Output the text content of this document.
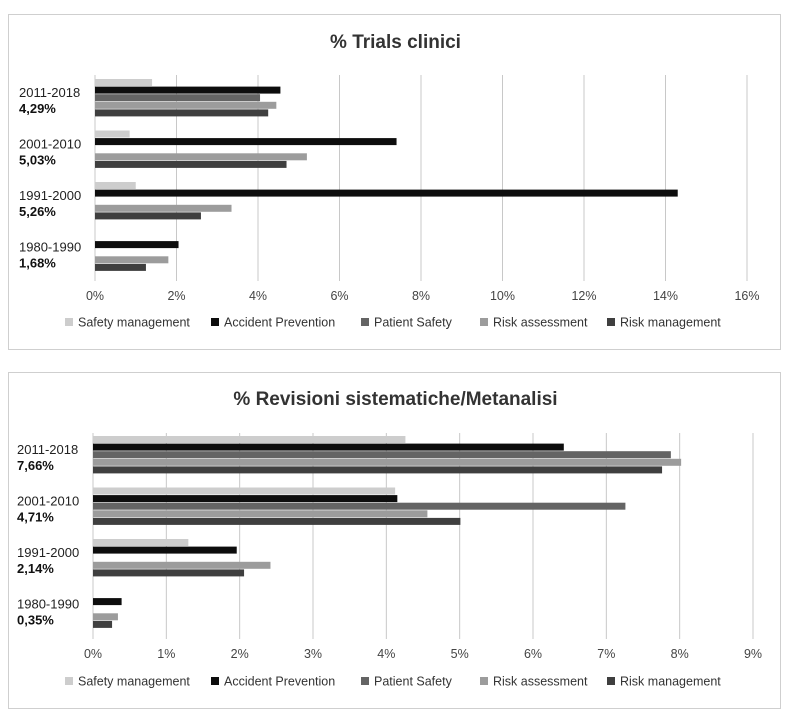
% Trials clinici
0%	2%	4%	6%	8%	10%	12%	14%	16%
2011-2018
4,29%
2001-2010
5,03%
1991-2000
5,26%
1980-1990
1,68%
Safety management	Accident Prevention	Patient Safety	Risk assessment	Risk management
% Revisioni sistematiche/Metanalisi
0%	1%	2%	3%	4%	5%	6%	7%	8%	9%
2011-2018
7,66%
2001-2010
4,71%
1991-2000
2,14%
1980-1990
0,35%
Safety management	Accident Prevention	Patient Safety	Risk assessment	Risk management
